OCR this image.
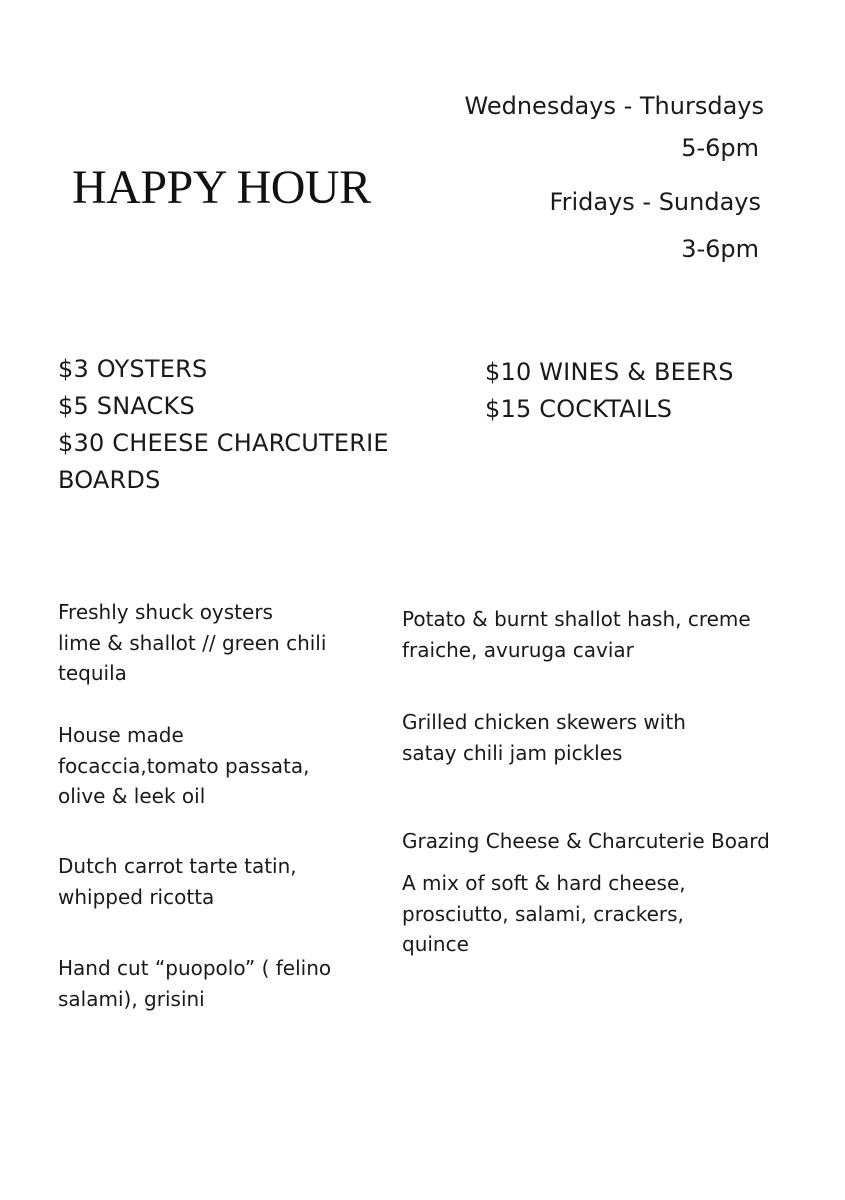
HAPPY HOUR
Wednesdays - Thursdays
5-6pm
Fridays - Sundays
3-6pm
$3 OYSTERS
$5 SNACKS
$30 CHEESE CHARCUTERIE
BOARDS
$10 WINES & BEERS
$15 COCKTAILS
Freshly shuck oysters
lime & shallot // green chili
tequila
House made
focaccia,tomato passata,
olive & leek oil
Dutch carrot tarte tatin,
whipped ricotta
Hand cut “puopolo” ( felino
salami), grisini
Potato & burnt shallot hash, creme
fraiche, avuruga caviar
Grilled chicken skewers with
satay chili jam pickles
Grazing Cheese & Charcuterie Board
A mix of soft & hard cheese,
prosciutto, salami, crackers,
quince
